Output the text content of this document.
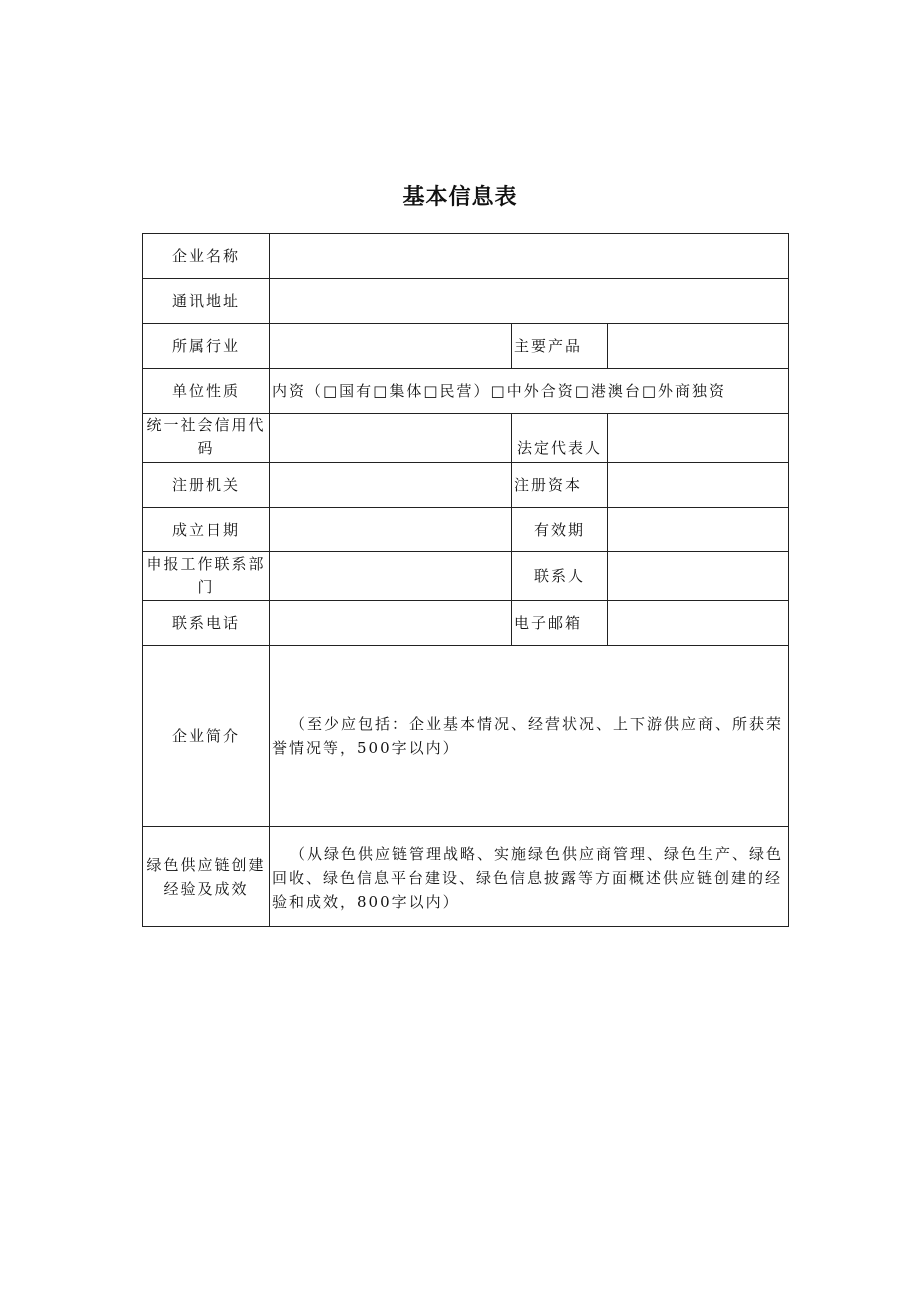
基本信息表
企业名称			
通讯地址			
所属行业		主要产品	
单位性质	内资（□国有□集体□民营）□中外合资□港澳台□外商独资		
统一社会信用代码		法定代表人	
注册机关		注册资本	
成立日期		有效期	
申报工作联系部门		联系人	
联系电话		电子邮箱	
企业简介	（至少应包括：企业基本情况、经营状况、上下游供应商、所获荣誉情况等，500字以内）		
绿色供应链创建经验及成效	（从绿色供应链管理战略、实施绿色供应商管理、绿色生产、绿色回收、绿色信息平台建设、绿色信息披露等方面概述供应链创建的经验和成效，800字以内）		
